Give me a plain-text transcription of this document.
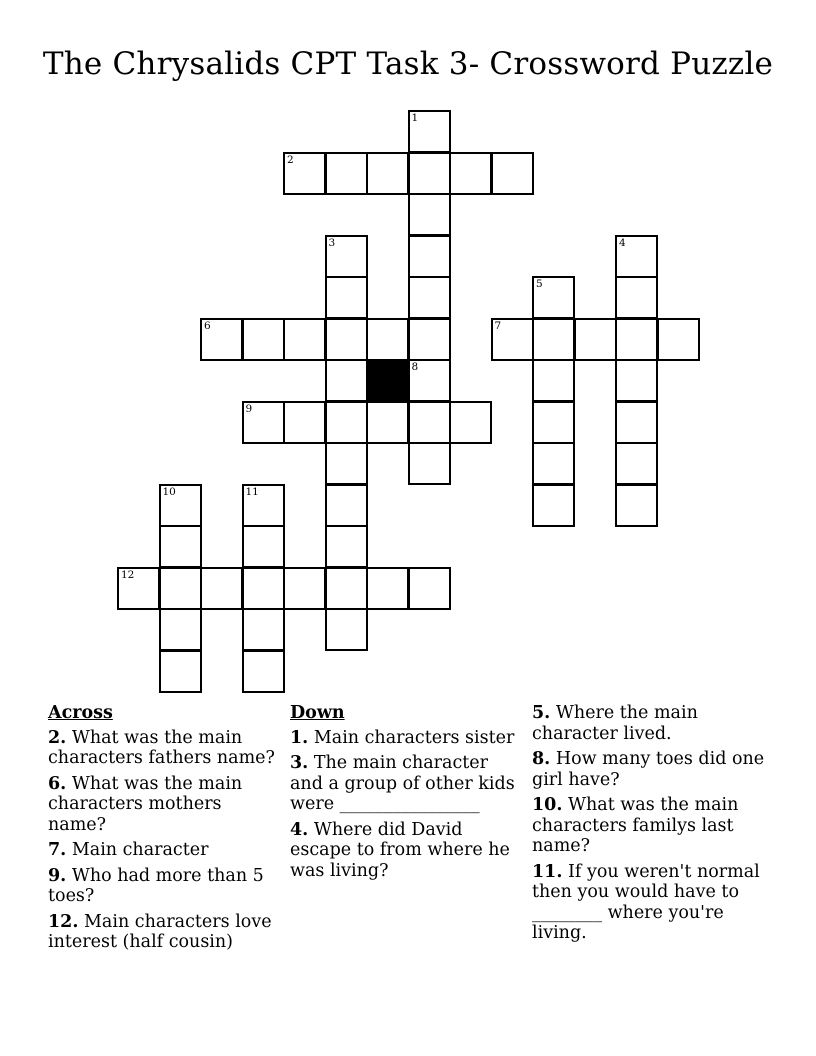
The Chrysalids CPT Task 3- Crossword Puzzle
1
2
3	4
5
6	7
8
9
10	11
12
Across
2. What was the main characters fathers name?
6. What was the main characters mothers name?
7. Main character
9. Who had more than 5 toes?
12. Main characters love interest (half cousin)
Down
1. Main characters sister
3. The main character and a group of other kids were ________________
4. Where did David escape to from where he was living?
5. Where the main character lived.
8. How many toes did one girl have?
10. What was the main characters familys last name?
11. If you weren't normal then you would have to ________ where you're living.
